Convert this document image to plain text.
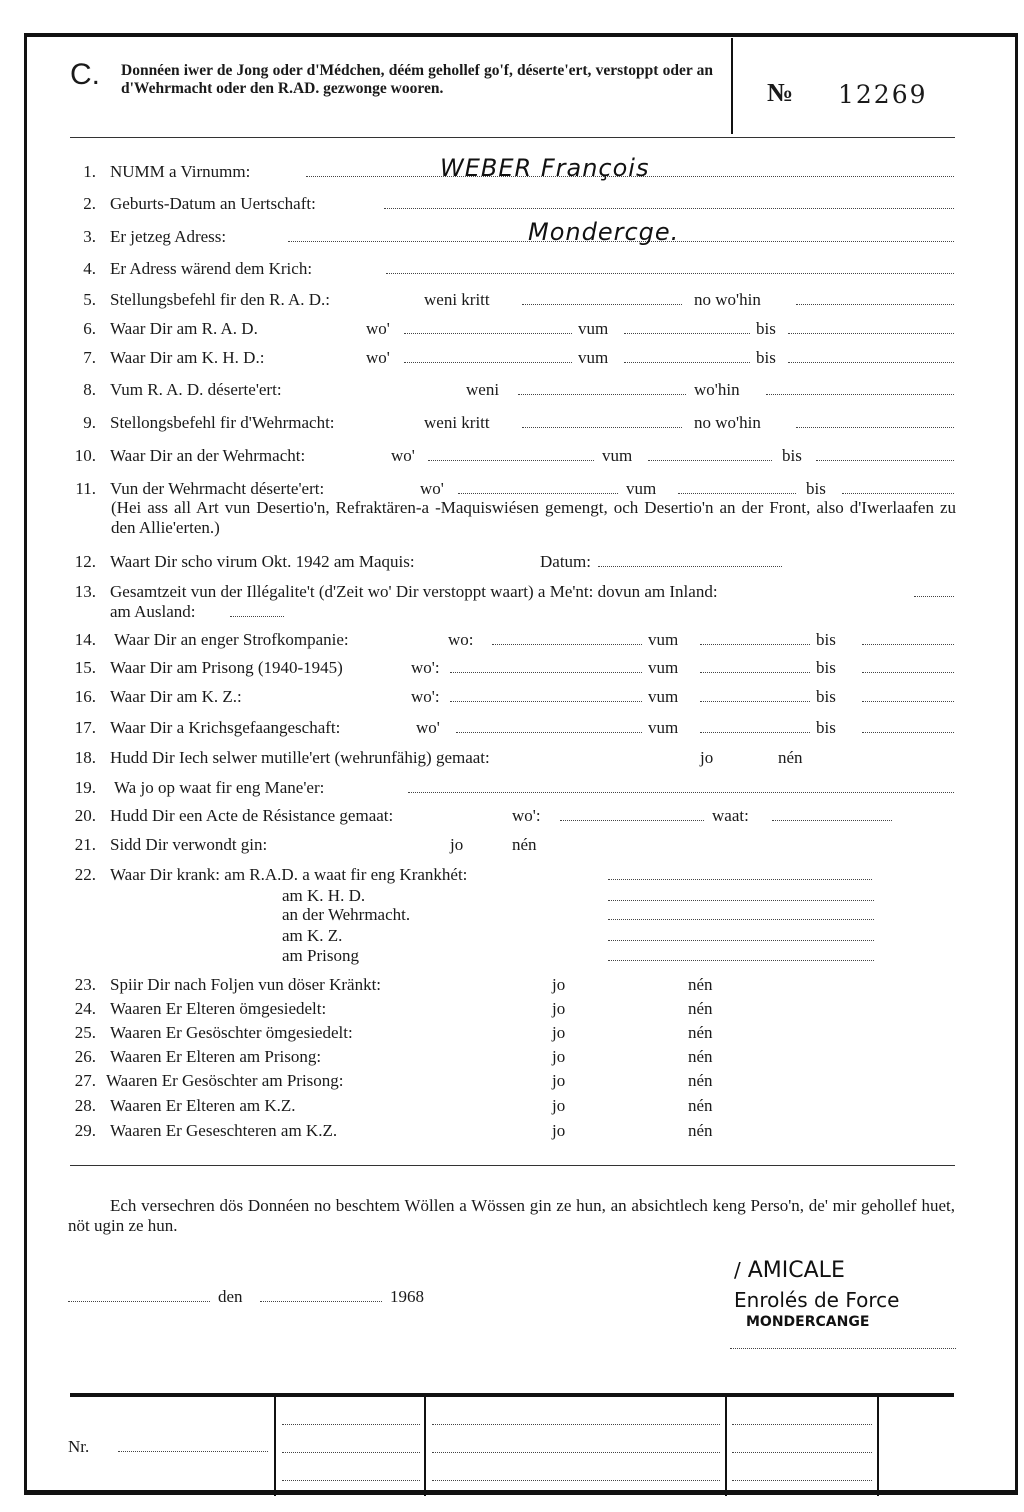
C. Donnéen iwer de Jong oder d'Médchen, déém gehollef go'f, déserte'ert, verstoppt oder an d'Wehrmacht oder den R.AD. gezwonge wooren.	№ 12269
1. NUMM a Virnumm:	WEBER François
2. Geburts-Datum an Uertschaft:
3. Er jetzeg Adress:	Mondercge.
4. Er Adress wärend dem Krich:
5. Stellungsbefehl fir den R. A. D.:	weni kritt	no wo'hin
6. Waar Dir am R. A. D.	wo'	vum	bis
7. Waar Dir am K. H. D.:	wo'	vum	bis
8. Vum R. A. D. déserte'ert:	weni	wo'hin
9. Stellongsbefehl fir d'Wehrmacht:	weni kritt	no wo'hin
10. Waar Dir an der Wehrmacht:	wo'	vum	bis
11. Vun der Wehrmacht déserte'ert:	wo'	vum	bis
(Hei ass all Art vun Desertio'n, Refraktären-a -Maquiswiésen gemengt, och Desertio'n an der Front, also d'Iwerlaafen zu den Allie'erten.)
12. Waart Dir scho virum Okt. 1942 am Maquis:	Datum:
13. Gesamtzeit vun der Illégalite't (d'Zeit wo' Dir verstoppt waart) a Me'nt: dovun am Inland:
am Ausland:
14. Waar Dir an enger Strofkompanie:	wo:	vum	bis
15. Waar Dir am Prisong (1940-1945)	wo':	vum	bis
16. Waar Dir am K. Z.:	wo':	vum	bis
17. Waar Dir a Krichsgefaangeschaft:	wo'	vum	bis
18. Hudd Dir Iech selwer mutille'ert (wehrunfähig) gemaat:	jo	nén
19. Wa jo op waat fir eng Mane'er:
20. Hudd Dir een Acte de Résistance gemaat:	wo':	waat:
21. Sidd Dir verwondt gin:	jo	nén
22. Waar Dir krank: am R.A.D. a waat fir eng Krankhét:
am K. H. D.
an der Wehrmacht.
am K. Z.
am Prisong
23. Spiir Dir nach Foljen vun döser Kränkt:	jo	nén
24. Waaren Er Elteren ömgesiedelt:	jo	nén
25. Waaren Er Gesöschter ömgesiedelt:	jo	nén
26. Waaren Er Elteren am Prisong:	jo	nén
27. Waaren Er Gesöschter am Prisong:	jo	nén
28. Waaren Er Elteren am K.Z.	jo	nén
29. Waaren Er Geseschteren am K.Z.	jo	nén
Ech versechren dös Donnéen no beschtem Wöllen a Wössen gin ze hun, an absichtlech keng Perso'n, de' mir gehollef huet, nöt ugin ze hun.
den	1968
/ AMICALE
Enrolés de Force
MONDERCANGE
Nr.
